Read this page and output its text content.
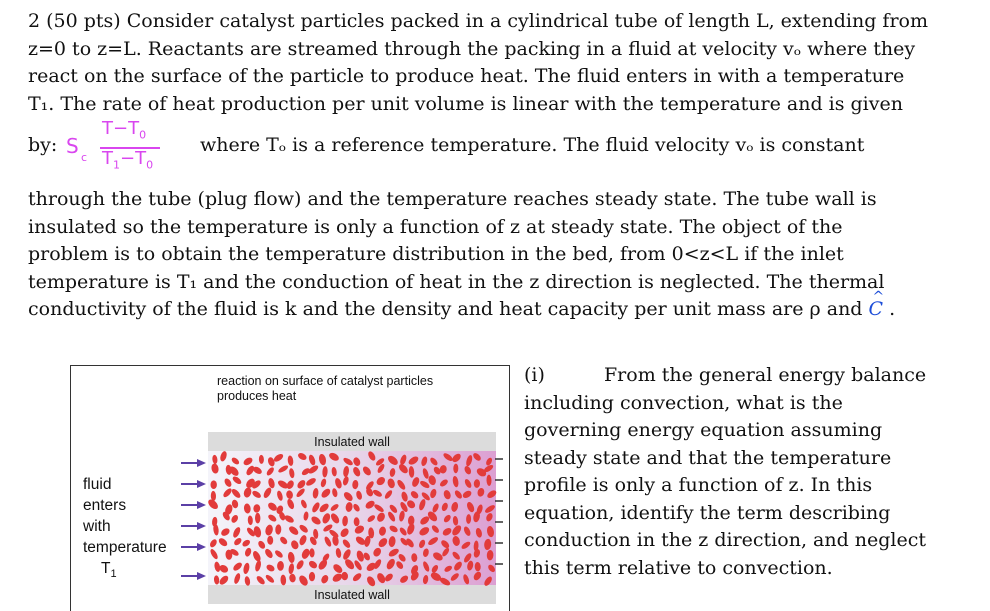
2 (50 pts) Consider catalyst particles packed in a cylindrical tube of length L, extending from
z=0 to z=L. Reactants are streamed through the packing in a fluid at velocity vₒ where they
react on the surface of the particle to produce heat. The fluid enters in with a temperature
T₁. The rate of heat production per unit volume is linear with the temperature and is given
by: S c
$T-T_0$
$T_1-T_0$
where Tₒ is a reference temperature. The fluid velocity vₒ is constant
through the tube (plug flow) and the temperature reaches steady state. The tube wall is
insulated so the temperature is only a function of z at steady state. The object of the
problem is to obtain the temperature distribution in the bed, from 0<z<L if the inlet
temperature is T₁ and the conduction of heat in the z direction is neglected. The thermal
conductivity of the fluid is k and the density and heat capacity per unit mass are ρ and ^ C .
reaction on surface of catalyst particles
produces heat
Insulated wall
Insulated wall
fluid
enters
with
temperature
$T_1$
(i)	From the general energy balance
including convection, what is the
governing energy equation assuming
steady state and that the temperature
profile is only a function of z. In this
equation, identify the term describing
conduction in the z direction, and neglect
this term relative to convection.
